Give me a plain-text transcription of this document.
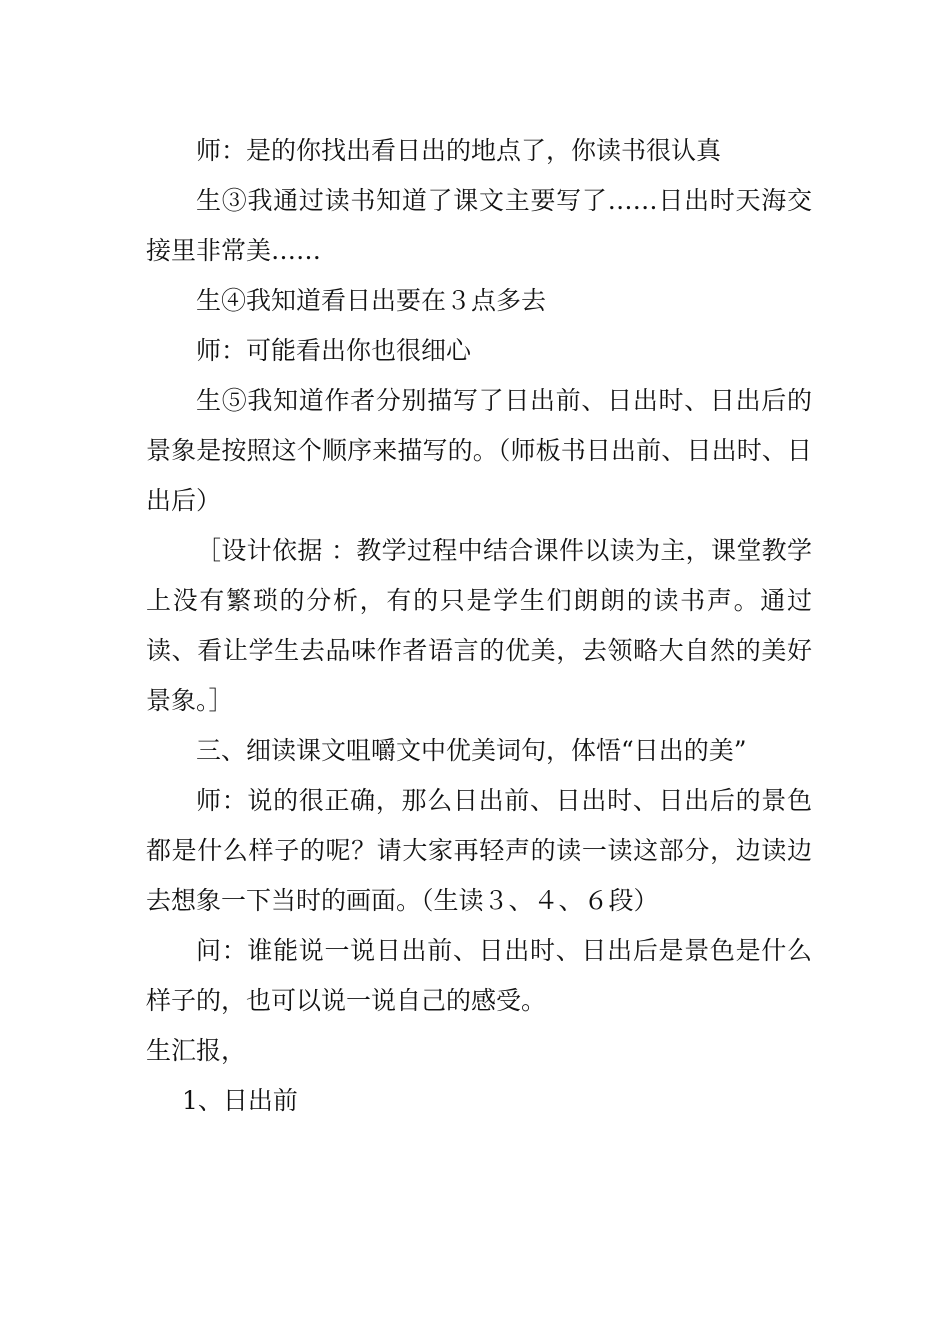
师：是的你找出看日出的地点了，你读书很认真

生③我通过读书知道了课文主要写了……日出时天海交接里非常美……

生④我知道看日出要在３点多去

师：可能看出你也很细心

生⑤我知道作者分别描写了日出前、日出时、日出后的景象是按照这个顺序来描写的。（师板书日出前、日出时、日出后）

［设计依据 ：教学过程中结合课件以读为主，课堂教学上没有繁琐的分析，有的只是学生们朗朗的读书声。通过读、看让学生去品味作者语言的优美，去领略大自然的美好景象。］

三、细读课文咀嚼文中优美词句，体悟“日出的美”

师：说的很正确，那么日出前、日出时、日出后的景色都是什么样子的呢？请大家再轻声的读一读这部分，边读边去想象一下当时的画面。（生读３、４、６段）

问：谁能说一说日出前、日出时、日出后是景色是什么样子的，也可以说一说自己的感受。

生汇报，

1、日出前
